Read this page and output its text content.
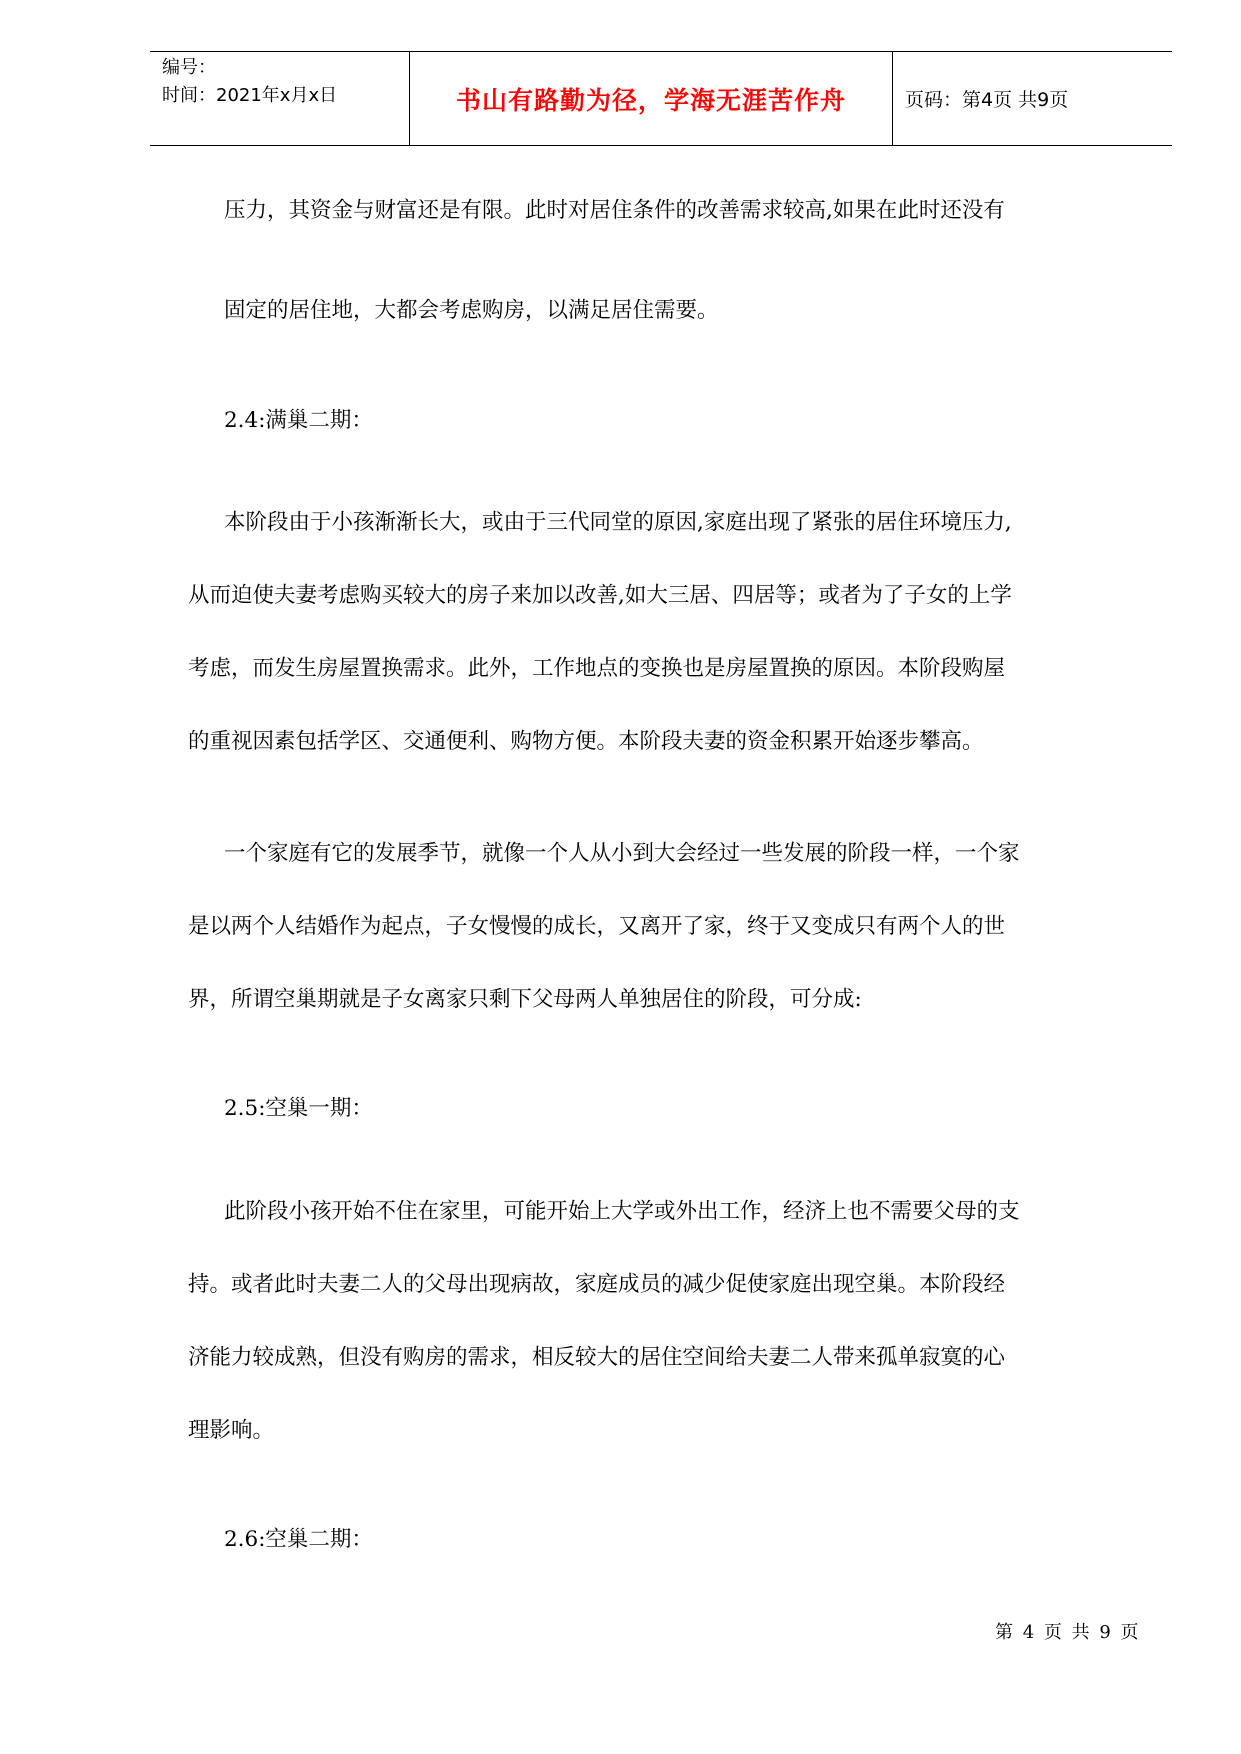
编号：
时间：2021年x月x日	书山有路勤为径，学海无涯苦作舟	页码：第4页 共9页
压力，其资金与财富还是有限。此时对居住条件的改善需求较高,如果在此时还没有
固定的居住地，大都会考虑购房，以满足居住需要。
2.4:满巢二期：
本阶段由于小孩渐渐长大，或由于三代同堂的原因,家庭出现了紧张的居住环境压力,
从而迫使夫妻考虑购买较大的房子来加以改善,如大三居、四居等；或者为了子女的上学
考虑，而发生房屋置换需求。此外，工作地点的变换也是房屋置换的原因。本阶段购屋
的重视因素包括学区、交通便利、购物方便。本阶段夫妻的资金积累开始逐步攀高。
一个家庭有它的发展季节，就像一个人从小到大会经过一些发展的阶段一样，一个家
是以两个人结婚作为起点，子女慢慢的成长，又离开了家，终于又变成只有两个人的世
界，所谓空巢期就是子女离家只剩下父母两人单独居住的阶段，可分成:
2.5:空巢一期：
此阶段小孩开始不住在家里，可能开始上大学或外出工作，经济上也不需要父母的支
持。或者此时夫妻二人的父母出现病故，家庭成员的减少促使家庭出现空巢。本阶段经
济能力较成熟，但没有购房的需求，相反较大的居住空间给夫妻二人带来孤单寂寞的心
理影响。
2.6:空巢二期：
第 4 页 共 9 页
